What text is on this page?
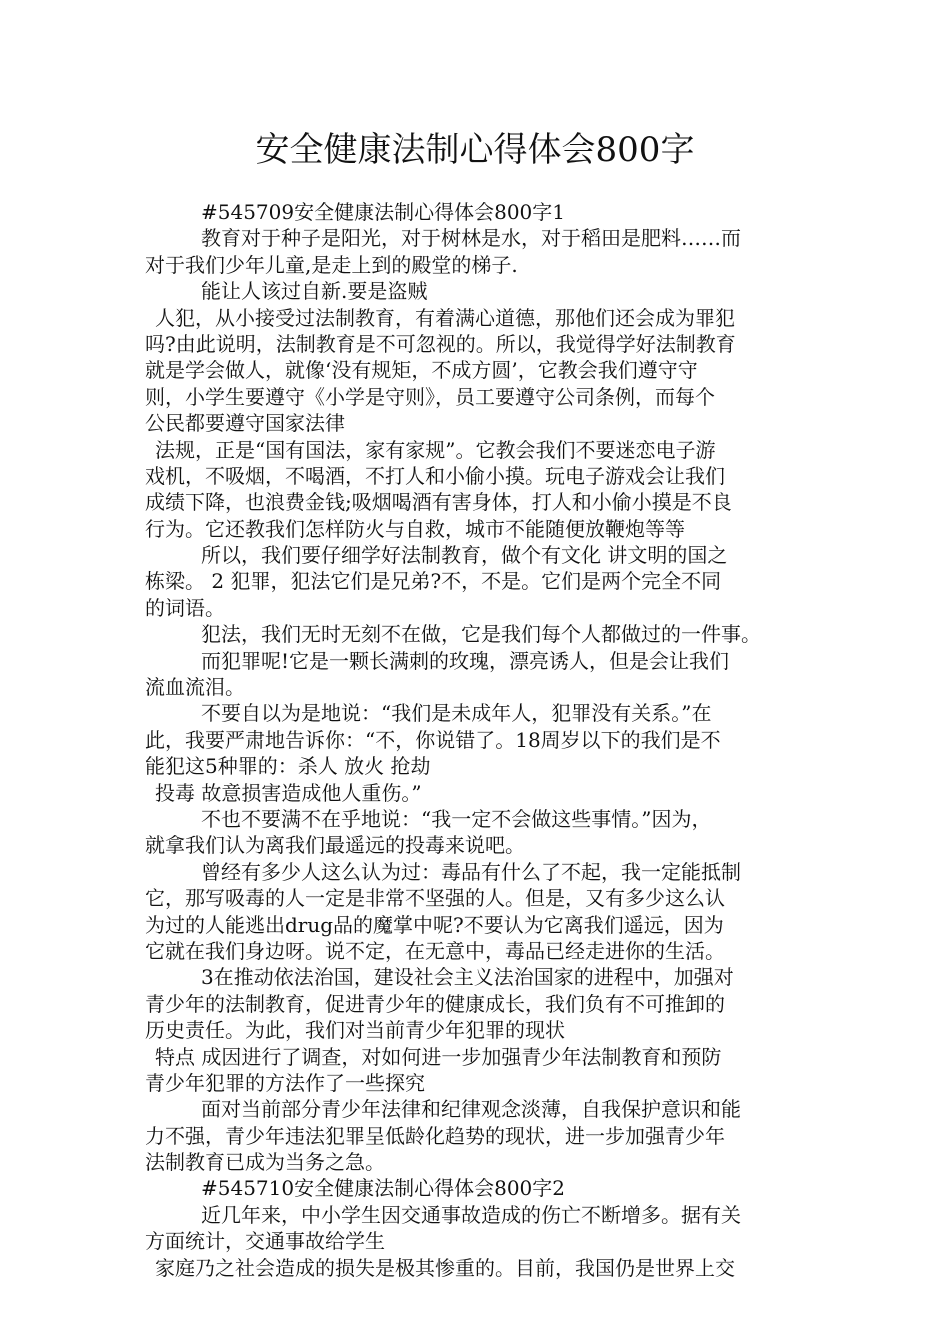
安全健康法制心得体会800字
#545709安全健康法制心得体会800字1
教育对于种子是阳光，对于树林是水，对于稻田是肥料……而
对于我们少年儿童,是走上到的殿堂的梯子.
能让人该过自新.要是盗贼
人犯，从小接受过法制教育，有着满心道德，那他们还会成为罪犯
吗?由此说明，法制教育是不可忽视的。所以，我觉得学好法制教育
就是学会做人，就像‘没有规矩，不成方圆’，它教会我们遵守守
则，小学生要遵守《小学是守则》，员工要遵守公司条例，而每个
公民都要遵守国家法律
法规，正是“国有国法，家有家规”。它教会我们不要迷恋电子游
戏机，不吸烟，不喝酒，不打人和小偷小摸。玩电子游戏会让我们
成绩下降，也浪费金钱;吸烟喝酒有害身体，打人和小偷小摸是不良
行为。它还教我们怎样防火与自救，城市不能随便放鞭炮等等
所以，我们要仔细学好法制教育，做个有文化 讲文明的国之
栋梁。 2 犯罪，犯法它们是兄弟?不，不是。它们是两个完全不同
的词语。
犯法，我们无时无刻不在做，它是我们每个人都做过的一件事。
而犯罪呢!它是一颗长满刺的玫瑰，漂亮诱人，但是会让我们
流血流泪。
不要自以为是地说：“我们是未成年人，犯罪没有关系。”在
此，我要严肃地告诉你：“不，你说错了。18周岁以下的我们是不
能犯这5种罪的：杀人 放火 抢劫
投毒 故意损害造成他人重伤。”
不也不要满不在乎地说：“我一定不会做这些事情。”因为，
就拿我们认为离我们最遥远的投毒来说吧。
曾经有多少人这么认为过：毒品有什么了不起，我一定能抵制
它，那写吸毒的人一定是非常不坚强的人。但是，又有多少这么认
为过的人能逃出drug品的魔掌中呢?不要认为它离我们遥远，因为
它就在我们身边呀。说不定，在无意中，毒品已经走进你的生活。
3在推动依法治国，建设社会主义法治国家的进程中，加强对
青少年的法制教育，促进青少年的健康成长，我们负有不可推卸的
历史责任。为此，我们对当前青少年犯罪的现状
特点 成因进行了调查，对如何进一步加强青少年法制教育和预防
青少年犯罪的方法作了一些探究
面对当前部分青少年法律和纪律观念淡薄，自我保护意识和能
力不强，青少年违法犯罪呈低龄化趋势的现状，进一步加强青少年
法制教育已成为当务之急。
#545710安全健康法制心得体会800字2
近几年来，中小学生因交通事故造成的伤亡不断增多。据有关
方面统计，交通事故给学生
家庭乃之社会造成的损失是极其惨重的。目前，我国仍是世界上交
